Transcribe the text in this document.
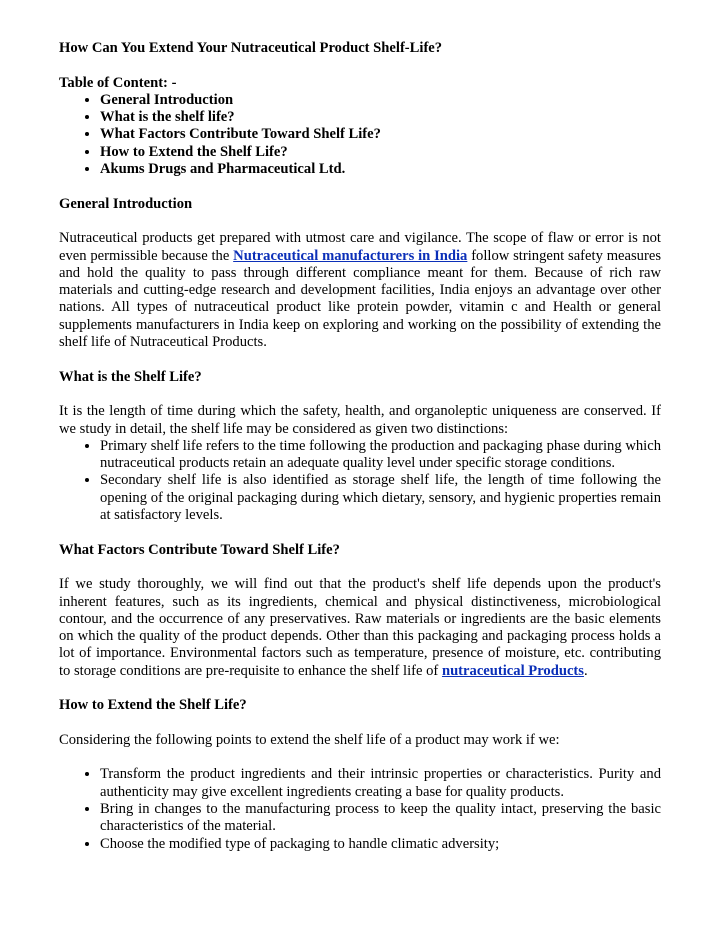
How Can You Extend Your Nutraceutical Product Shelf-Life?
Table of Content: -
• General Introduction
• What is the shelf life?
• What Factors Contribute Toward Shelf Life?
• How to Extend the Shelf Life?
• Akums Drugs and Pharmaceutical Ltd.
General Introduction

Nutraceutical products get prepared with utmost care and vigilance. The scope of flaw or error is not even permissible because the Nutraceutical manufacturers in India follow stringent safety measures and hold the quality to pass through different compliance meant for them. Because of rich raw materials and cutting-edge research and development facilities, India enjoys an advantage over other nations. All types of nutraceutical product like protein powder, vitamin c and Health or general supplements manufacturers in India keep on exploring and working on the possibility of extending the shelf life of Nutraceutical Products.

What is the Shelf Life?

It is the length of time during which the safety, health, and organoleptic uniqueness are conserved. If we study in detail, the shelf life may be considered as given two distinctions:

• Primary shelf life refers to the time following the production and packaging phase during which nutraceutical products retain an adequate quality level under specific storage conditions.
• Secondary shelf life is also identified as storage shelf life, the length of time following the opening of the original packaging during which dietary, sensory, and hygienic properties remain at satisfactory levels.
What Factors Contribute Toward Shelf Life?

If we study thoroughly, we will find out that the product's shelf life depends upon the product's inherent features, such as its ingredients, chemical and physical distinctiveness, microbiological contour, and the occurrence of any preservatives. Raw materials or ingredients are the basic elements on which the quality of the product depends. Other than this packaging and packaging process holds a lot of importance. Environmental factors such as temperature, presence of moisture, etc. contributing to storage conditions are pre-requisite to enhance the shelf life of nutraceutical Products.

How to Extend the Shelf Life?

Considering the following points to extend the shelf life of a product may work if we:

• Transform the product ingredients and their intrinsic properties or characteristics. Purity and authenticity may give excellent ingredients creating a base for quality products.
• Bring in changes to the manufacturing process to keep the quality intact, preserving the basic characteristics of the material.
• Choose the modified type of packaging to handle climatic adversity;
